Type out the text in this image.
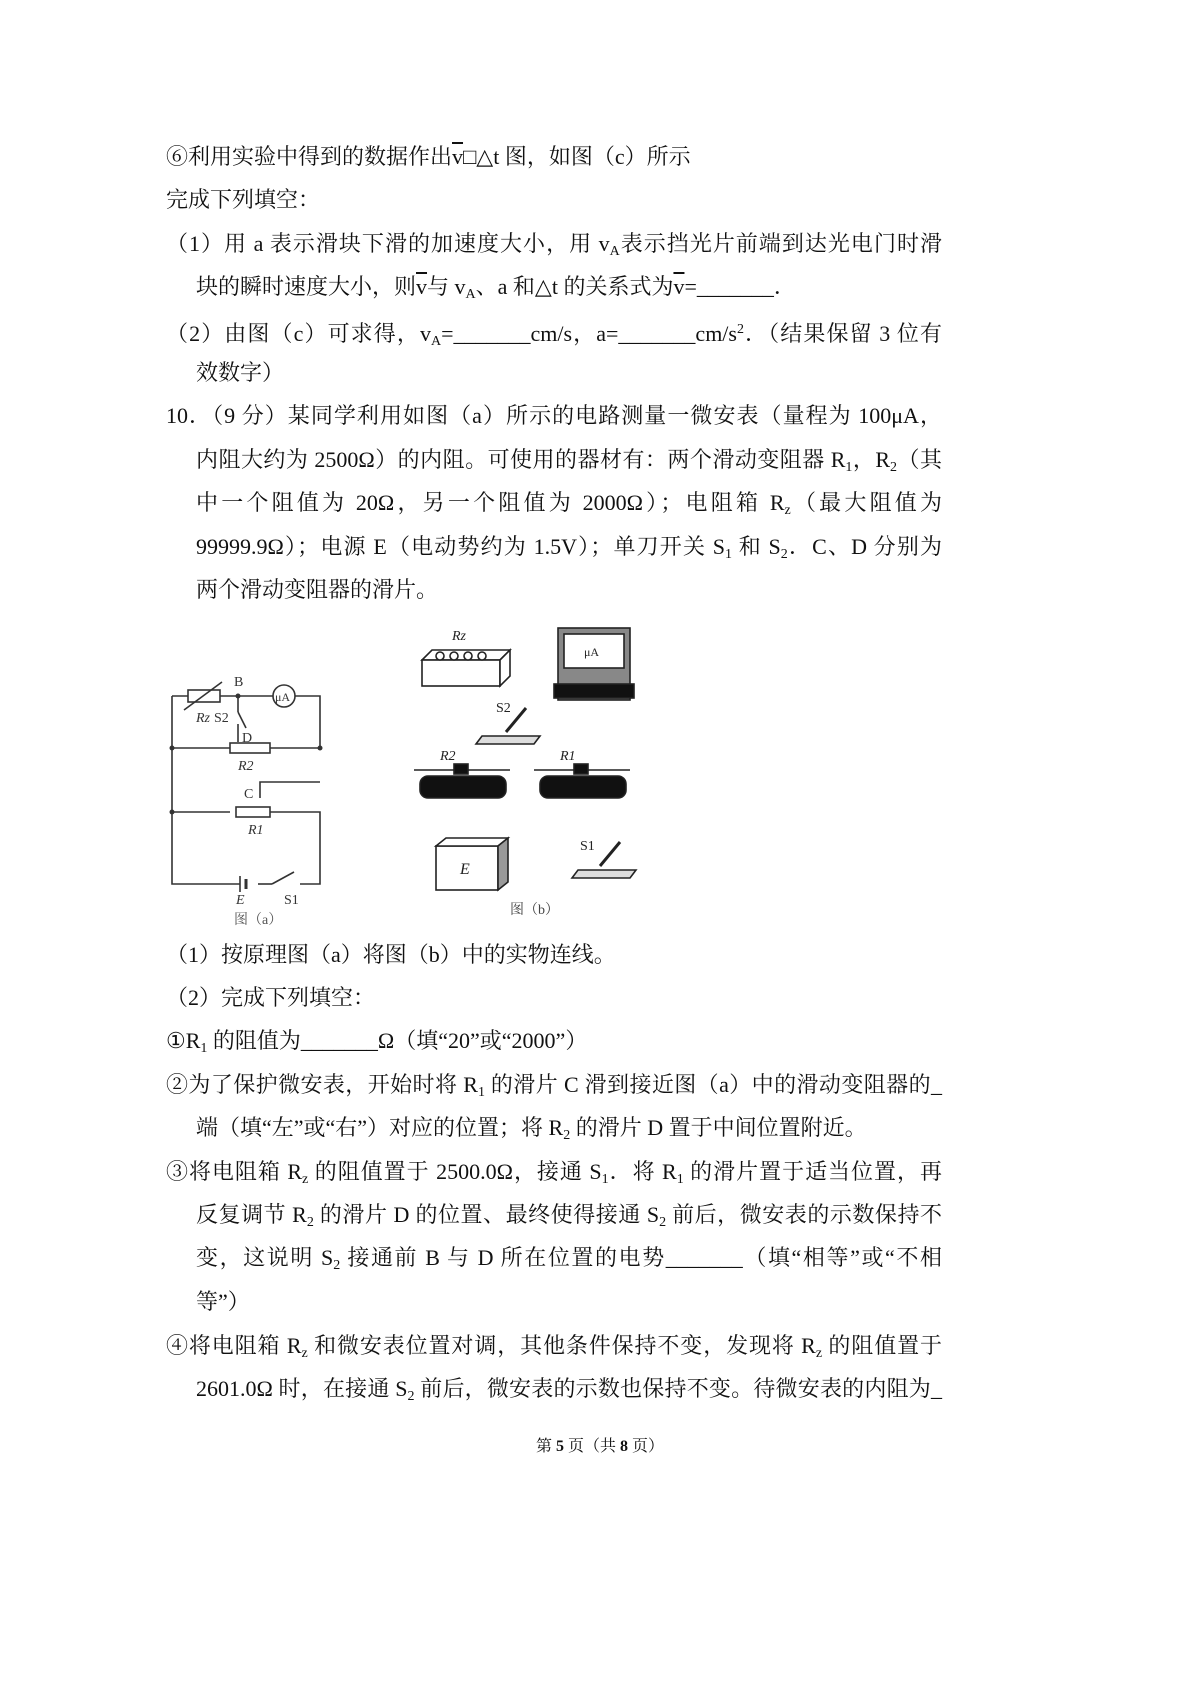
⑥利用实验中得到的数据作出$\overline{v}□\triangle t$ 图，如图（c）所示
完成下列填空：
（1）用 a 表示滑块下滑的加速度大小，用 $v_A$表示挡光片前端到达光电门时滑
块的瞬时速度大小，则$\overline{v}$与 $v_A$、a 和△t 的关系式为$\overline{v}=\_\_\_\_\_\_\_$．
（2）由图（c）可求得，$v_A=\_\_\_\_\_\_\_cm/s$，$a=\_\_\_\_\_\_\_cm/s^2$．（结果保留 3 位有
效数字）
10．（9 分）某同学利用如图（a）所示的电路测量一微安表（量程为 100μA，
内阻大约为 2500Ω）的内阻。可使用的器材有：两个滑动变阻器 $R_1$，$R_2$（其
中一个阻值为 20Ω，另一个阻值为 2000Ω）；电阻箱 $R_z$（最大阻值为
99999.9Ω）；电源 E（电动势约为 1.5V）；单刀开关 $S_1$ 和 $S_2$．C、D 分别为
两个滑动变阻器的滑片。
（1）按原理图（a）将图（b）中的实物连线。
（2）完成下列填空：
$①R_1$ 的阻值为_______Ω（填“20”或“2000”）
②为了保护微安表，开始时将 $R_1$ 的滑片 C 滑到接近图（a）中的滑动变阻器的_
端（填“左”或“右”）对应的位置；将 $R_2$ 的滑片 D 置于中间位置附近。
③将电阻箱 $R_z$ 的阻值置于 2500.0Ω，接通 $S_1$．将 $R_1$ 的滑片置于适当位置，再
反复调节 $R_2$ 的滑片 D 的位置、最终使得接通 $S_2$ 前后，微安表的示数保持不
变，这说明 $S_2$ 接通前 B 与 D 所在位置的电势_______（填“相等”或“不相
等”）
④将电阻箱 $R_z$ 和微安表位置对调，其他条件保持不变，发现将 $R_z$ 的阻值置于
2601.0Ω 时，在接通 $S_2$ 前后，微安表的示数也保持不变。待微安表的内阻为_
Rz
B
μA
S2
D
R2
C
R1
E	S1
图（a）
Rz
μA
S2
R2	R1
E
S1
图（b）
第 5 页（共 8 页）
